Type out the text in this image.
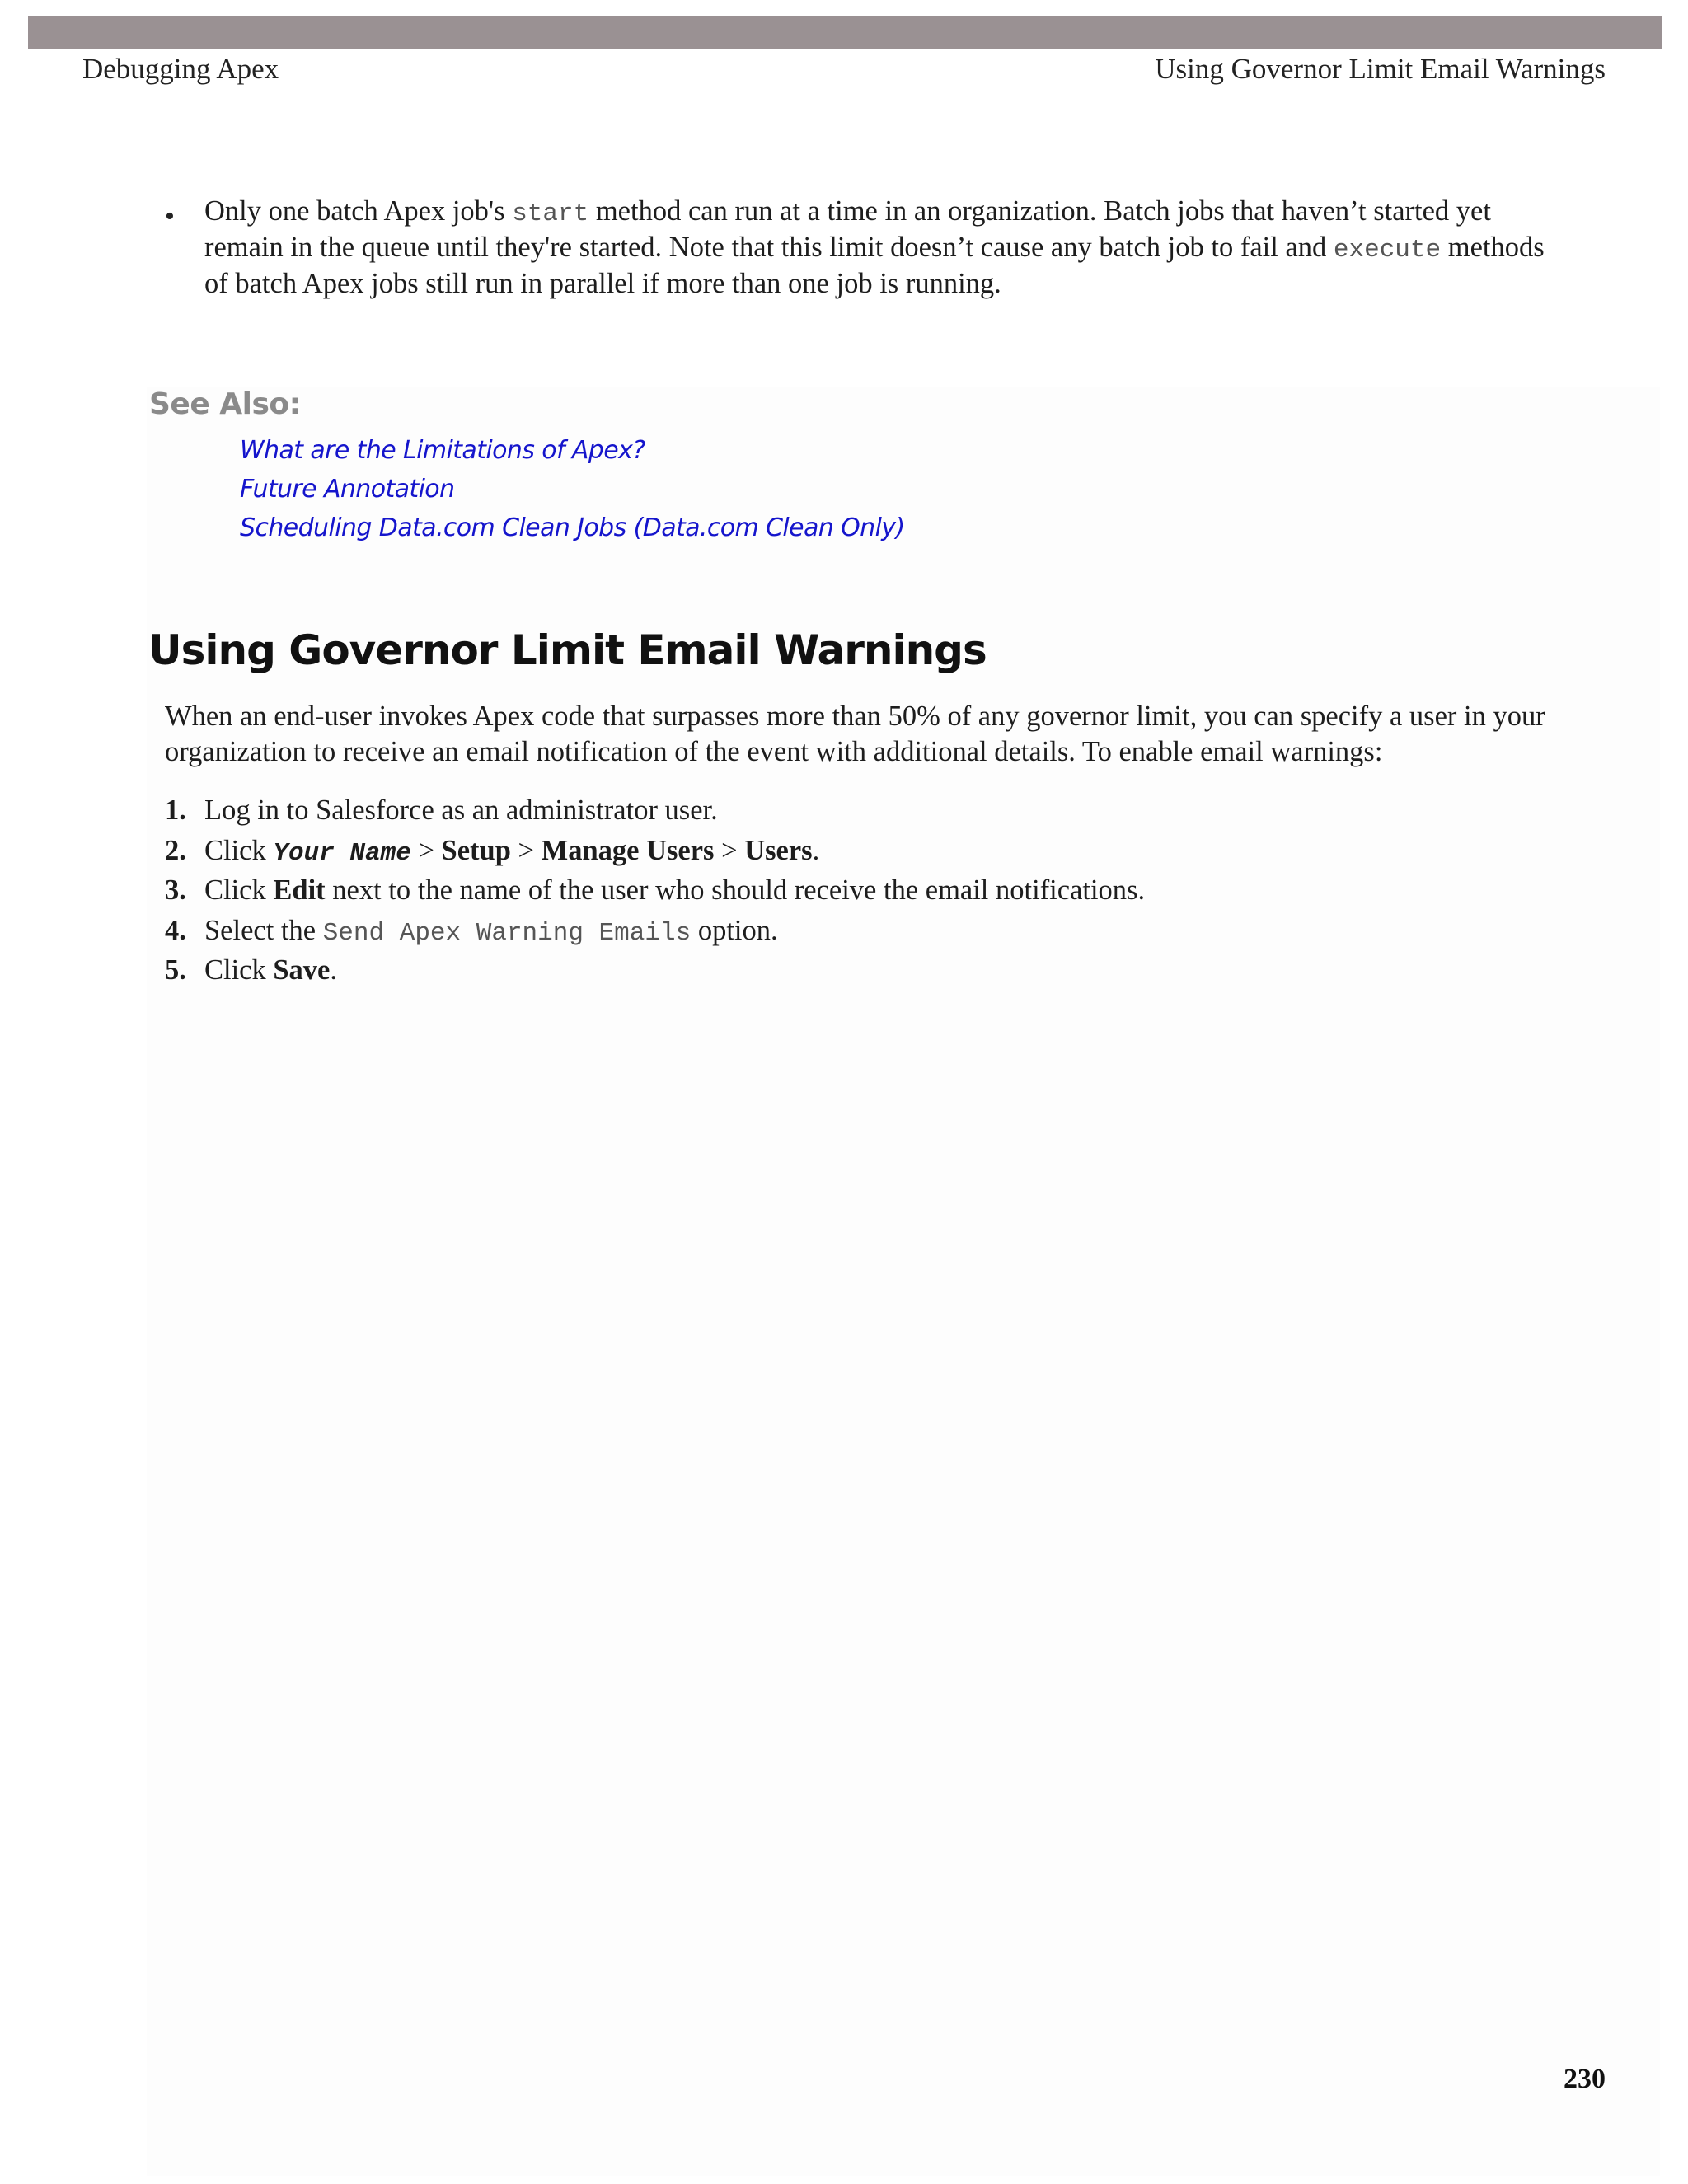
Debugging Apex	Using Governor Limit Email Warnings
• Only one batch Apex job's start method can run at a time in an organization. Batch jobs that haven’t started yet remain in the queue until they're started. Note that this limit doesn’t cause any batch job to fail and execute methods of batch Apex jobs still run in parallel if more than one job is running.

See Also:
What are the Limitations of Apex?
Future Annotation
Scheduling Data.com Clean Jobs (Data.com Clean Only)
Using Governor Limit Email Warnings

When an end-user invokes Apex code that surpasses more than 50% of any governor limit, you can specify a user in your organization to receive an email notification of the event with additional details. To enable email warnings:

1. Log in to Salesforce as an administrator user.
2. Click Your Name > Setup > Manage Users > Users.
3. Click Edit next to the name of the user who should receive the email notifications.
4. Select the Send Apex Warning Emails option.
5. Click Save.
230
